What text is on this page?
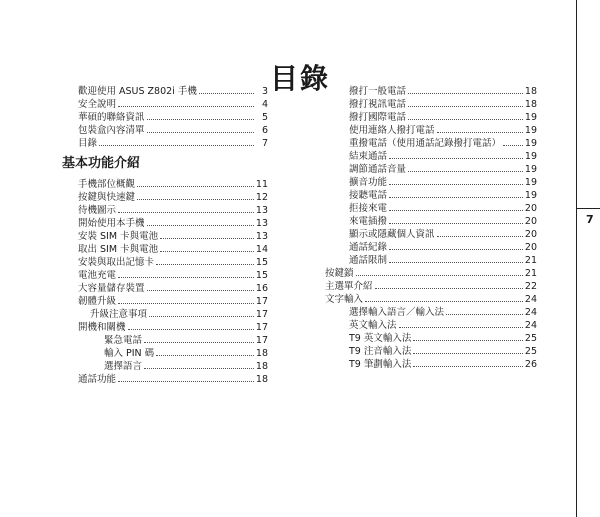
7
目錄
歡迎使用 ASUS Z802i 手機	3
安全說明	4
華碩的聯絡資訊	5
包裝盒內容清單	6
目錄	7
基本功能介紹
手機部位概觀	11
按鍵與快速鍵	12
待機圖示	13
開始使用本手機	13
安裝 SIM 卡與電池	13
取出 SIM 卡與電池	14
安裝與取出記憶卡	15
電池充電	15
大容量儲存裝置	16
韌體升級	17
升級注意事項	17
開機和關機	17
緊急電話	17
輸入 PIN 碼	18
選擇語言	18
通話功能	18
撥打一般電話	18
撥打視訊電話	18
撥打國際電話	19
使用連絡人撥打電話	19
重撥電話（使用通話記錄撥打電話）	19
結束通話	19
調節通話音量	19
擴音功能	19
接聽電話	19
拒接來電	20
來電插撥	20
顯示或隱藏個人資訊	20
通話紀錄	20
通話限制	21
按鍵鎖	21
主選單介紹	22
文字輸入	24
選擇輸入語言／輸入法	24
英文輸入法	24
T9 英文輸入法	25
T9 注音輸入法	25
T9 筆劃輸入法	26
